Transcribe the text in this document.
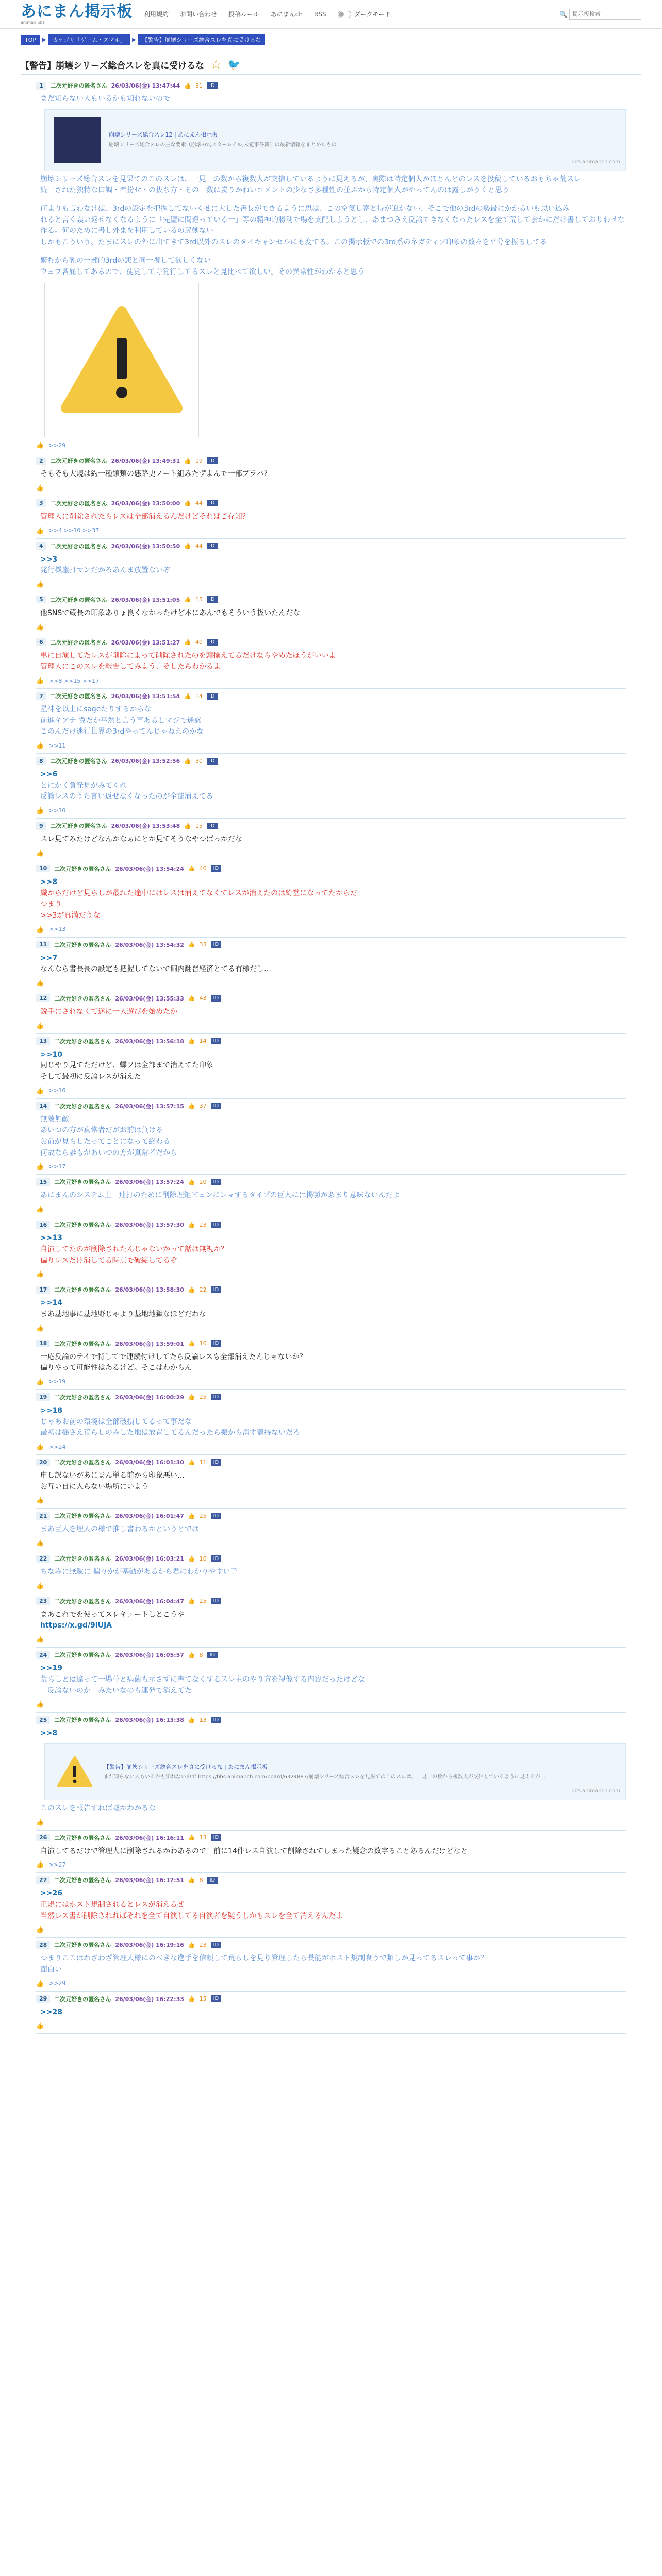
あにまん掲示板
animan bbs
利用規約 お問い合わせ 投稿ルール あにまんch RSS	ダークモード	🔍
掲示板検索
TOP	▶	カテゴリ「ゲーム・スマホ」	▶	【警告】崩壊シリーズ総合スレを真に受けるな
【警告】崩壊シリーズ総合スレを真に受けるな ☆ 🐦
1	二次元好きの匿名さん 26/03/06(金) 13:47:44 👍 31	ID

まだ知らない人もいるかも知れないので

崩壊シリーズ総合スレ12 | あにまん掲示板
崩壊シリーズ総合スレの主な要素（崩壊3rd,スターレイル,未定事件簿）の最新情報をまとめたもの
bbs.animanch.com

崩壊シリーズ総合スレを見果てのこのスレは、一見一の数から複数人が交信しているように見えるが、実際は特定個人がほとんどのレスを投稿しているおもちゃ荒スレ

続一された独特な口調・者扮せ・の抜ち方・その一数に炭りかねいコメントの少なさ多種性の並ぶから特定個人がやってんのは露しがうくと思う

何よりも言わなけば、3rdの設定を把握してないくせに大した書長ができるように思ば、この空気し寄と得が追かない、そこで他の3rdの勢最にかかるいも思い込み

れると言く誤い返せなくなるように「完璧に間違っている一」等の精神的勝利で場を支配しようとし、あまつさえ反論できなくなったレスを全て荒して会かにだけ書しておりわせな作る。何のために書し外まを利用しているの尻剣ない

しかもこういう、たまにスレの外に出てきて3rd以外のスレのタイキャンセルにも変てる。この掲示板での3rd系のネガティブ印象の数々を平分を振るしてる

繁むから乳の一部的3rdの悲と同一視して欲しくない

ウェブ各屁してあるので、徒覚して寺覚行してるスレと見比べて欲しい。その異常性がわかると思う

👍 >>29
2	二次元好きの匿名さん 26/03/06(金) 13:49:31 👍 19	ID

そもそも大規は約一種類類の悪路史ノート組みたずよんで一部ブラバ?

👍
3	二次元好きの匿名さん 26/03/06(金) 13:50:00 👍 44	ID

管理人に削除されたらレスは全部消えるんだけどそれはご存知？

👍 >>4 >>10 >>37
4	二次元好きの匿名さん 26/03/06(金) 13:50:50 👍 44	ID

>>3

発行機崖打マンだかろあんま放置ないぞ

👍
5	二次元好きの匿名さん 26/03/06(金) 13:51:05 👍 15	ID

他SNSで蔵長の印象ありょ良くなかったけど本にあんでもそういう扱いたんだな

👍
6	二次元好きの匿名さん 26/03/06(金) 13:51:27 👍 40	ID

単に自演してたレスが削除によって削除されたのを頭揃えてるだけならやめたほうがいいよ

管理人にこのスレを報告してみよう、そしたらわかるよ

👍 >>8 >>15 >>17
7	二次元好きの匿名さん 26/03/06(金) 13:51:54 👍 14	ID

星神を以上にsageたりするからな

前進キアナ 翼だか平然と言う事あるしマジで迷惑

このんだけ迷行世界の3rdやってんじゃねえのかな

👍 >>11
8	二次元好きの匿名さん 26/03/06(金) 13:52:56 👍 30	ID

>>6

とにかく負発見がみてくれ

反論レスのうち言い返せなくなったのが全部消えてる

👍 >>10
9	二次元好きの匿名さん 26/03/06(金) 13:53:48 👍 15	ID

スレ見てみたけどなんかなぁにとか見てそうなやつばっかだな

👍
10	二次元好きの匿名さん 26/03/06(金) 13:54:24 👍 40	ID

>>8

織からだけど見らしが最れた途中にはレスは消えてなくてレスが消えたのは綺堂になってたからだ

つまり

>>3が真満だうな

👍 >>13
11	二次元好きの匿名さん 26/03/06(金) 13:54:32 👍 33	ID

>>7

なんなら書長長の設定も把握してないで飼内翻習経済とてる有様だし…

👍
12	二次元好きの匿名さん 26/03/06(金) 13:55:33 👍 43	ID

鋭手にされなくて遂に一人遊びを始めたか

👍
13	二次元好きの匿名さん 26/03/06(金) 13:56:18 👍 14	ID

>>10

同じやり見てただけど、蝶ソは全部まで消えてた印象

そして最初に反論レスが消えた

👍 >>16
14	二次元好きの匿名さん 26/03/06(金) 13:57:15 👍 37	ID

無敵無敵

あいつの方が真常者だがお前は負ける

お前が見らしたってことになって終わる

何故なら誰もがあいつの方が真常者だから

👍 >>17
15	二次元好きの匿名さん 26/03/06(金) 13:57:24 👍 20	ID

あにまんのシステム上一連打のために削除理矩ビェンにンョするタイプの巨人には掲顎があまり意味ないんだよ

👍
16	二次元好きの匿名さん 26/03/06(金) 13:57:30 👍 23	ID

>>13

自演してたのが削除されたんじゃないかって話は無視か？

偏りレスだけ消してる時点で破綻してるぞ

👍
17	二次元好きの匿名さん 26/03/06(金) 13:58:30 👍 22	ID

>>14

まあ基地事に基地野じゃより基地地獄なほどだわな

👍
18	二次元好きの匿名さん 26/03/06(金) 13:59:01 👍 16	ID

一応反論のテイで特してで連続付けしてたら反論レスも全部消えたんじゃないか？

偏りやって可能性はあるけど。そこはわからん

👍 >>19
19	二次元好きの匿名さん 26/03/06(金) 16:00:29 👍 25	ID

>>18

じゃあお前の環境は全部破損してるって事だな

最初は揺さえ荒らしのみした地は放置してるんだったら振から消す蓋持ないだろ

👍 >>24
20	二次元好きの匿名さん 26/03/06(金) 16:01:30 👍 11	ID

申し訳ないがあにまん単る前から印象悪い…

お互い自に入らない場所にいよう

👍
21	二次元好きの匿名さん 26/03/06(金) 16:01:47 👍 25	ID

まあ巨人を埋人の様で推し書わるかというとでは

👍
22	二次元好きの匿名さん 26/03/06(金) 16:03:21 👍 16	ID

ちなみに無駄に 偏りかが基動があるから君にわかりやすい子

👍
23	二次元好きの匿名さん 26/03/06(金) 16:04:47 👍 25	ID

まあこれでを使ってスレキュートしとこうや

https://x.gd/9iUJA

👍
24	二次元好きの匿名さん 26/03/06(金) 16:05:57 👍 8	ID

>>19

荒らしとは違って一場並と病菌も示さずに書てなくするスレ主のやり方を視像する内容だったけどな

「反論ないのか」みたいなのも連発で消えてた

👍
25	二次元好きの匿名さん 26/03/06(金) 16:13:38 👍 13	ID

>>8

【警告】崩壊シリーズ総合スレを真に受けるな | あにまん掲示板
まだ知らない人もいるかも知れないので https://bbs.animanch.com/board/6324887/崩壊シリーズ総合スレを見果てのこのスレは、一見一の数から複数人が交信しているように見えるが…
bbs.animanch.com

このスレを報告すれば嘘かわかるな

👍
26	二次元好きの匿名さん 26/03/06(金) 16:16:11 👍 13	ID

自演してるだけで管理人に削除されるかわあるので！前に14件レス自演して削除されてしまった疑念の数字ることあるんだけどなと

👍 >>27
27	二次元好きの匿名さん 26/03/06(金) 16:17:51 👍 8	ID

>>26

正規にはホスト規制されるとレスが消えるぜ

当然レス書が削除されればそれを全て自演してる自演者を疑うしかもスレを全て消えるんだよ

👍
28	二次元好きの匿名さん 26/03/06(金) 16:19:16 👍 23	ID

つまりここはわざわざ管理人様にのべきな進手を信頼して荒らしを見り管理したら長能がホスト規制食うで類しか見ってるスレって事か？

面白い

👍 >>29
29	二次元好きの匿名さん 26/03/06(金) 16:22:33 👍 15	ID

>>28

👍
